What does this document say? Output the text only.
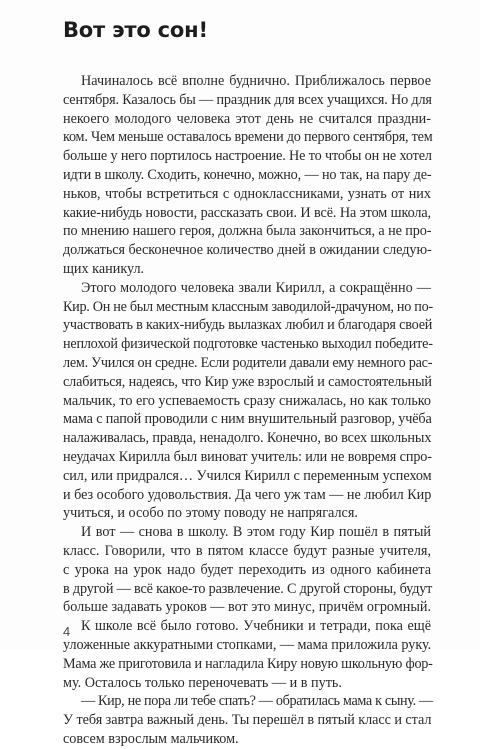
Вот это сон!

Начиналось всё вполне буднично. Приближалось первое
сентября. Казалось бы — праздник для всех учащихся. Но для
некоего молодого человека этот день не считался праздни-
ком. Чем меньше оставалось времени до первого сентября, тем
больше у него портилось настроение. Не то чтобы он не хотел
идти в школу. Сходить, конечно, можно, — но так, на пару де-
ньков, чтобы встретиться с одноклассниками, узнать от них
какие-нибудь новости, рассказать свои. И всё. На этом школа,
по мнению нашего героя, должна была закончиться, а не про-
должаться бесконечное количество дней в ожидании следую-
щих каникул.

Этого молодого человека звали Кирилл, а сокращённо —
Кир. Он не был местным классным заводилой-драчуном, но по-
участвовать в каких-нибудь вылазках любил и благодаря своей
неплохой физической подготовке частенько выходил победите-
лем. Учился он средне. Если родители давали ему немного рас-
слабиться, надеясь, что Кир уже взрослый и самостоятельный
мальчик, то его успеваемость сразу снижалась, но как только
мама с папой проводили с ним внушительный разговор, учёба
налаживалась, правда, ненадолго. Конечно, во всех школьных
неудачах Кирилла был виноват учитель: или не вовремя спро-
сил, или придрался… Учился Кирилл с переменным успехом
и без особого удовольствия. Да чего уж там — не любил Кир
учиться, и особо по этому поводу не напрягался.

И вот — снова в школу. В этом году Кир пошёл в пятый
класс. Говорили, что в пятом классе будут разные учителя,
с урока на урок надо будет переходить из одного кабинета
в другой — всё какое-то развлечение. С другой стороны, будут
больше задавать уроков — вот это минус, причём огромный.

К школе всё было готово. Учебники и тетради, пока ещё
уложенные аккуратными стопками, — мама приложила руку.
Мама же приготовила и нагладила Киру новую школьную фор-
му. Осталось только переночевать — и в путь.

— Кир, не пора ли тебе спать? — обратилась мама к сыну. —
У тебя завтра важный день. Ты перешёл в пятый класс и стал
совсем взрослым мальчиком.

4
